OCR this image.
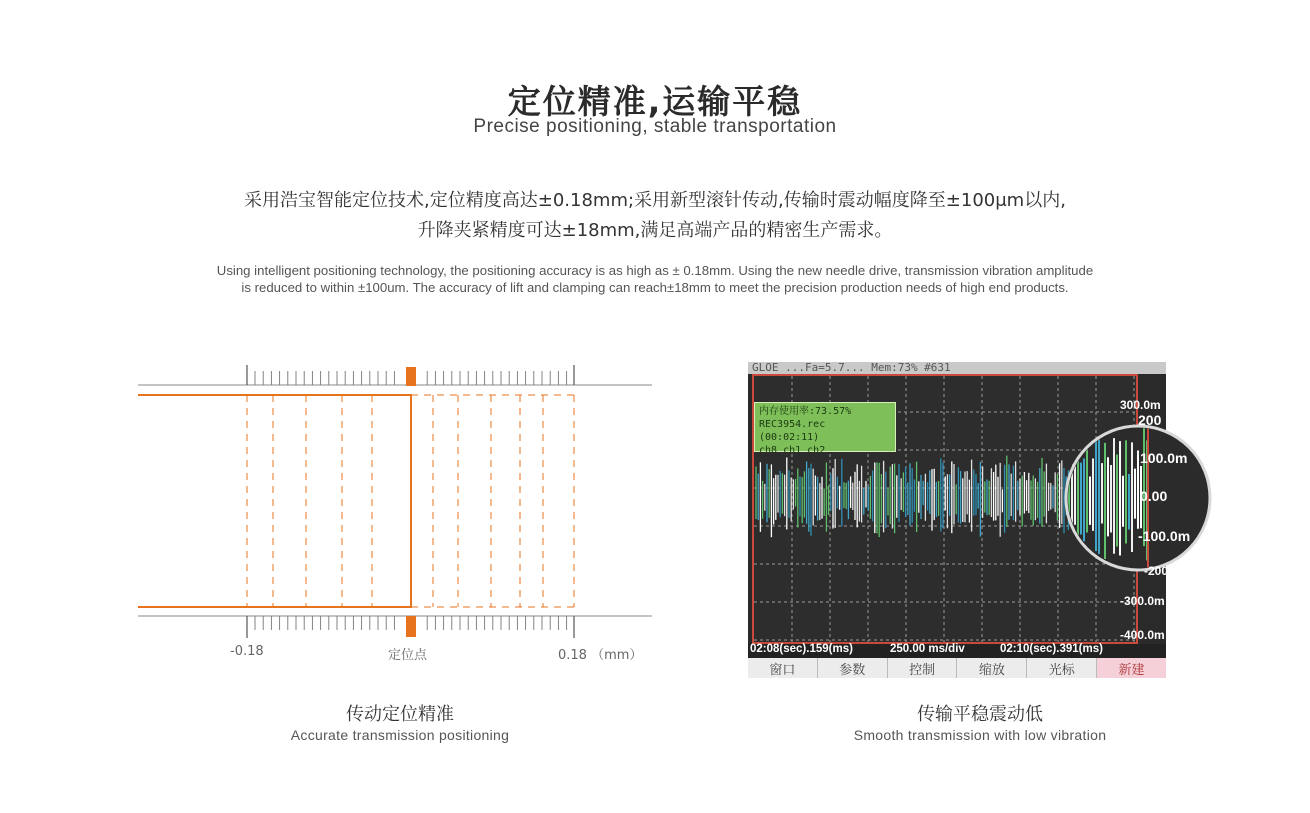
定位精准,运输平稳
Precise positioning, stable transportation
采用浩宝智能定位技术,定位精度高达±0.18mm;采用新型滚针传动,传输时震动幅度降至±100μm以内,
升降夹紧精度可达±18mm,满足高端产品的精密生产需求。
Using intelligent positioning technology, the positioning accuracy is as high as ± 0.18mm. Using the new needle drive, transmission vibration amplitude
is reduced to within ±100um. The accuracy of lift and clamping can reach±18mm to meet the precision production needs of high end products.
-0.18	定位点	0.18 （mm）
传动定位精准
Accurate transmission positioning
GLOE ...Fa=5.7... Mem:73% #631
内存使用率:73.57%
REC3954.rec (00:02:11)
ch8 ch1 ch2
300.0m
200
100.0m
0.00
-100.0m
-200
-300.0m
-400.0m
02:08(sec).159(ms)	250.00 ms/div	02:10(sec).391(ms)
窗口	参数	控制	缩放	光标	新建
传输平稳震动低
Smooth transmission with low vibration
